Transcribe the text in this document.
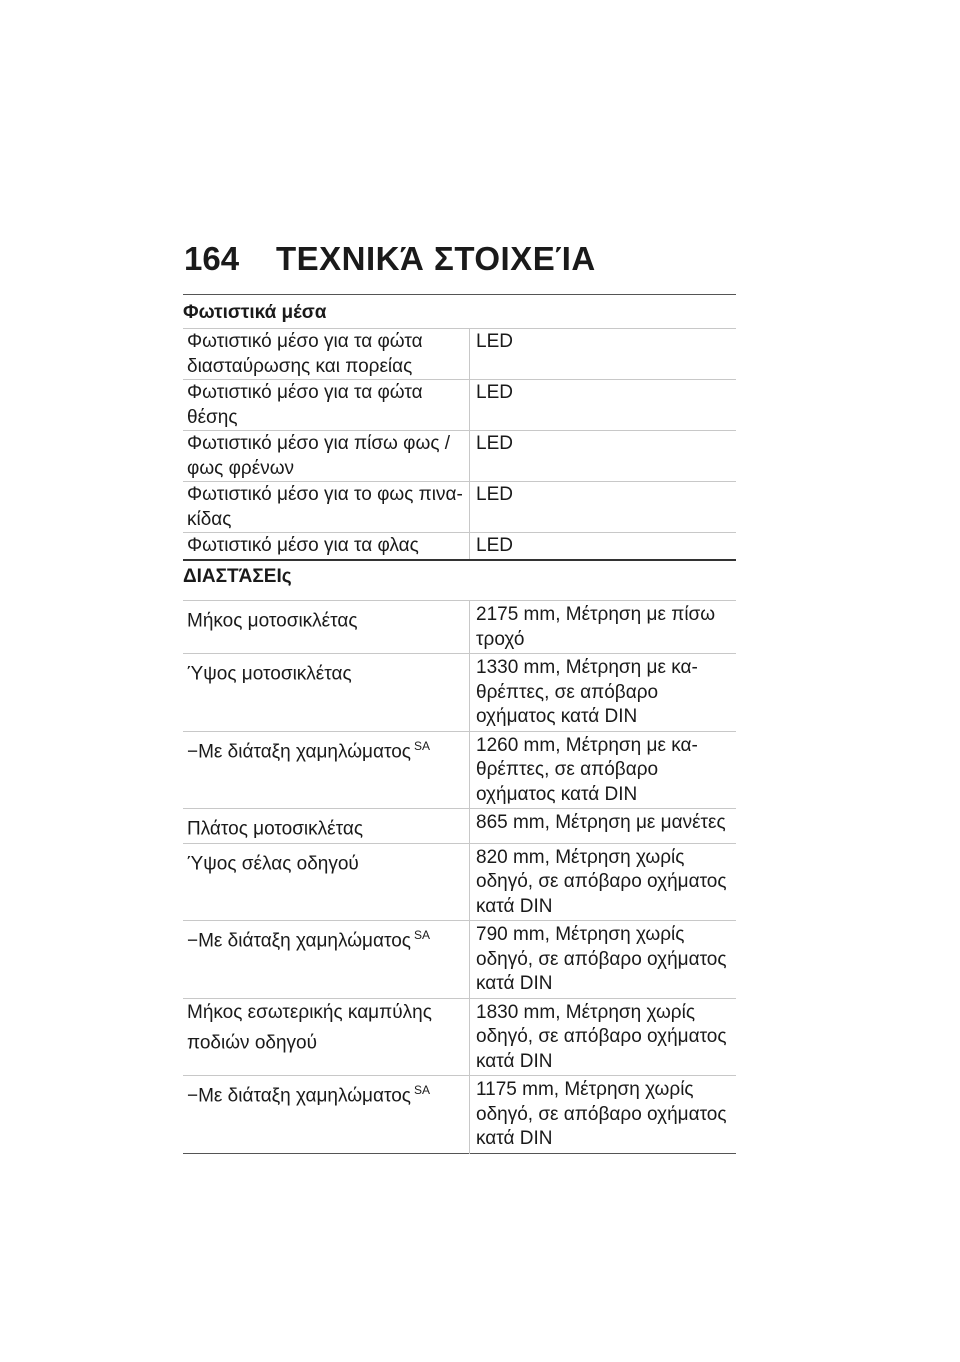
164	ΤΕΧΝΙΚΆ ΣΤΟΙΧΕΊΑ
Φωτιστικά μέσα
Φωτιστικό μέσο για τα φώτα διασταύρωσης και πορείας	LED
Φωτιστικό μέσο για τα φώτα θέσης	LED
Φωτιστικό μέσο για πίσω φως / φως φρένων	LED
Φωτιστικό μέσο για το φως πινα-κίδας	LED
Φωτιστικό μέσο για τα φλας	LED
ΔΙΑΣΤΆΣΕΙς
Μήκος μοτοσικλέτας	2175 mm, Μέτρηση με πίσω τροχό
Ύψος μοτοσικλέτας	1330 mm, Μέτρηση με κα-θρέπτες, σε απόβαρο οχήματος κατά DIN
−Με διάταξη χαμηλώματος $^{SA}$	1260 mm, Μέτρηση με κα-θρέπτες, σε απόβαρο οχήματος κατά DIN
Πλάτος μοτοσικλέτας	865 mm, Μέτρηση με μανέτες
Ύψος σέλας οδηγού	820 mm, Μέτρηση χωρίς οδηγό, σε απόβαρο οχήματος κατά DIN
−Με διάταξη χαμηλώματος $^{SA}$	790 mm, Μέτρηση χωρίς οδηγό, σε απόβαρο οχήματος κατά DIN
Μήκος εσωτερικής καμπύλης ποδιών οδηγού	1830 mm, Μέτρηση χωρίς οδηγό, σε απόβαρο οχήματος κατά DIN
−Με διάταξη χαμηλώματος $^{SA}$	1175 mm, Μέτρηση χωρίς οδηγό, σε απόβαρο οχήματος κατά DIN
